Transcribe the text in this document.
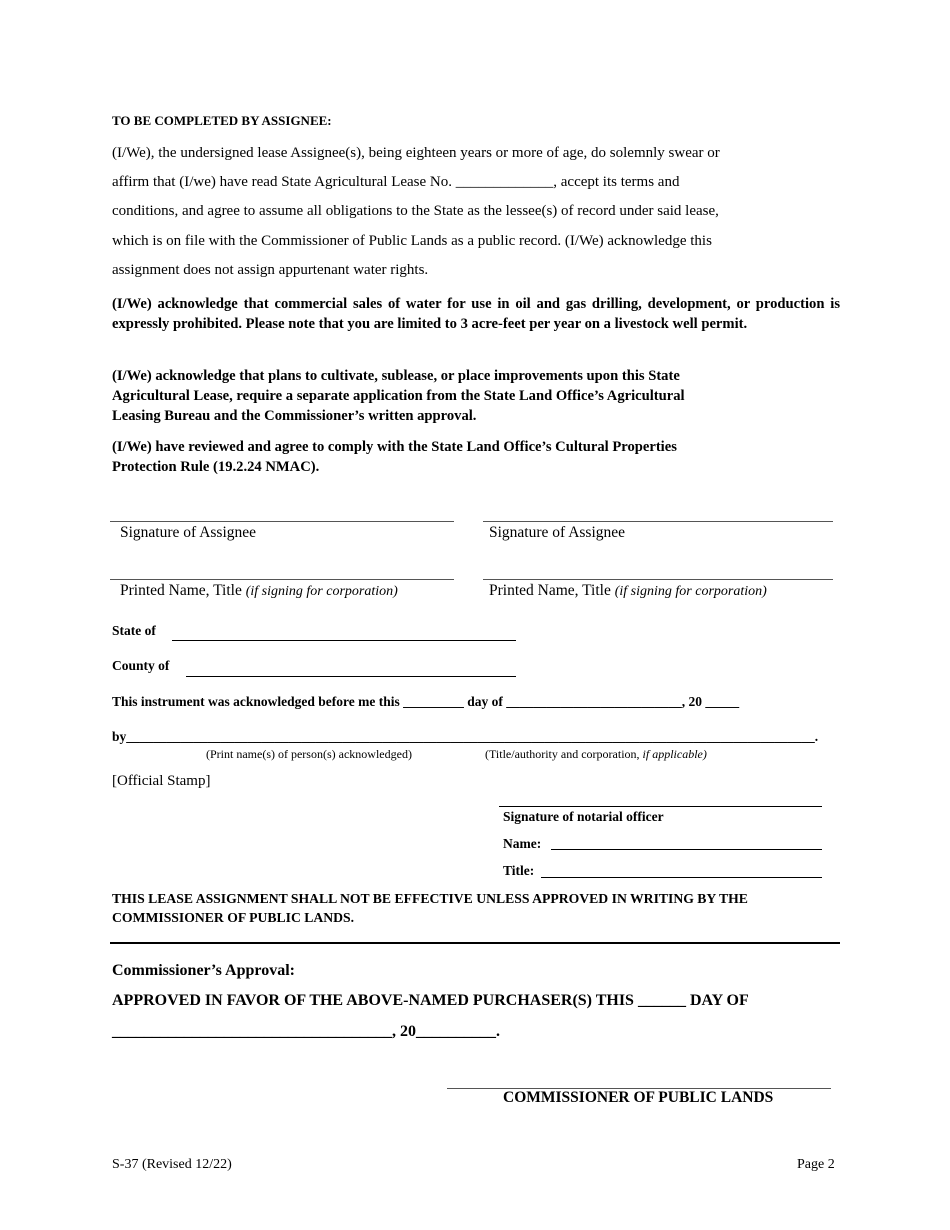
TO BE COMPLETED BY ASSIGNEE:
(I/We), the undersigned lease Assignee(s), being eighteen years or more of age, do solemnly swear or
affirm that (I/we) have read State Agricultural Lease No. _____________, accept its terms and
conditions, and agree to assume all obligations to the State as the lessee(s) of record under said lease,
which is on file with the Commissioner of Public Lands as a public record. (I/We) acknowledge this
assignment does not assign appurtenant water rights.
(I/We) acknowledge that commercial sales of water for use in oil and gas drilling, development, or production is expressly prohibited. Please note that you are limited to 3 acre-feet per year on a livestock well permit.
(I/We) acknowledge that plans to cultivate, sublease, or place improvements upon this State
Agricultural Lease, require a separate application from the State Land Office’s Agricultural
Leasing Bureau and the Commissioner’s written approval.
(I/We) have reviewed and agree to comply with the State Land Office’s Cultural Properties
Protection Rule (19.2.24 NMAC).
Signature of Assignee	Signature of Assignee
Printed Name, Title (if signing for corporation)	Printed Name, Title (if signing for corporation)
State of
County of
This instrument was acknowledged before me this _________ day of __________________________, 20 _____
by______________________________________________________________________________________________________.
(Print name(s) of person(s) acknowledged)	(Title/authority and corporation, if applicable)
[Official Stamp]
Signature of notarial officer
Name:
Title:
THIS LEASE ASSIGNMENT SHALL NOT BE EFFECTIVE UNLESS APPROVED IN WRITING BY THE
COMMISSIONER OF PUBLIC LANDS.
Commissioner’s Approval:
APPROVED IN FAVOR OF THE ABOVE-NAMED PURCHASER(S) THIS ______ DAY OF
___________________________________, 20__________.
COMMISSIONER OF PUBLIC LANDS
S-37 (Revised 12/22)	Page 2
